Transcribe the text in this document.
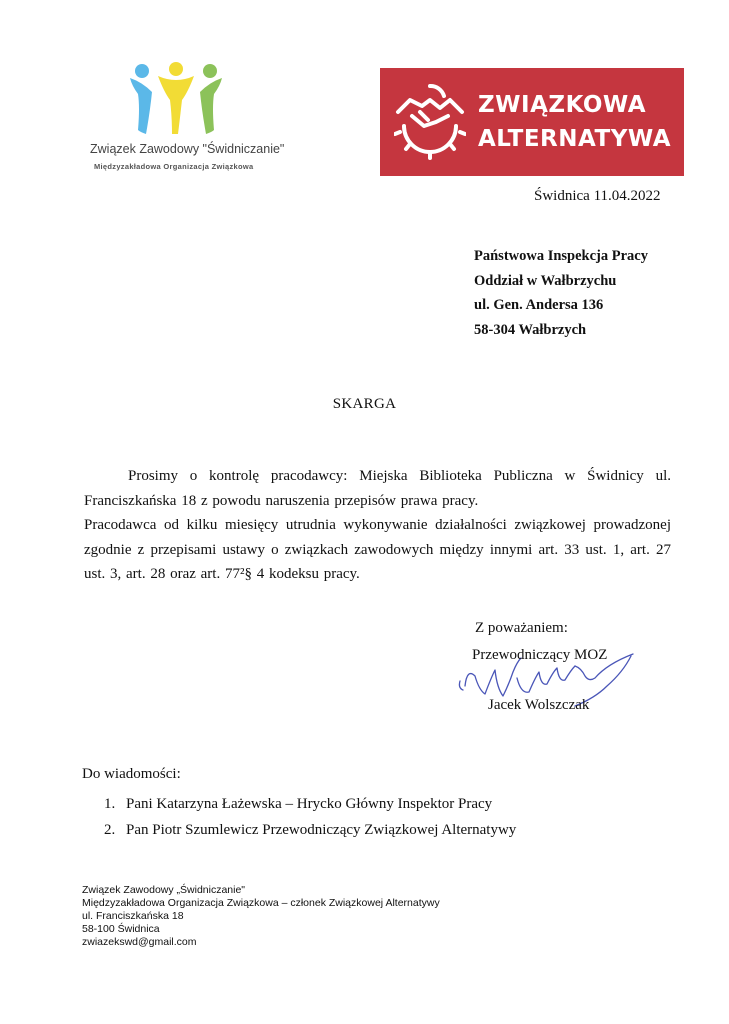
Związek Zawodowy "Świdniczanie"
Międzyzakładowa Organizacja Związkowa
ZWIĄZKOWA
ALTERNATYWA
Świdnica 11.04.2022
Państwowa Inspekcja Pracy
Oddział w Wałbrzychu
ul. Gen. Andersa 136
58-304 Wałbrzych
SKARGA

Prosimy o kontrolę pracodawcy: Miejska Biblioteka Publiczna w Świdnicy ul. Franciszkańska 18 z powodu naruszenia przepisów prawa pracy.

Pracodawca od kilku miesięcy utrudnia wykonywanie działalności związkowej prowadzonej zgodnie z przepisami ustawy o związkach zawodowych między innymi art. 33 ust. 1, art. 27 ust. 3, art. 28 oraz art. 77²§ 4 kodeksu pracy.

Z poważaniem:
Przewodniczący MOZ
Jacek Wolszczak
Do wiadomości:
1. Pani Katarzyna Łażewska – Hrycko Główny Inspektor Pracy
2. Pan Piotr Szumlewicz Przewodniczący Związkowej Alternatywy
Związek Zawodowy „Świdniczanie"
Międzyzakładowa Organizacja Związkowa – członek Związkowej Alternatywy
ul. Franciszkańska 18
58-100 Świdnica
zwiazekswd@gmail.com
